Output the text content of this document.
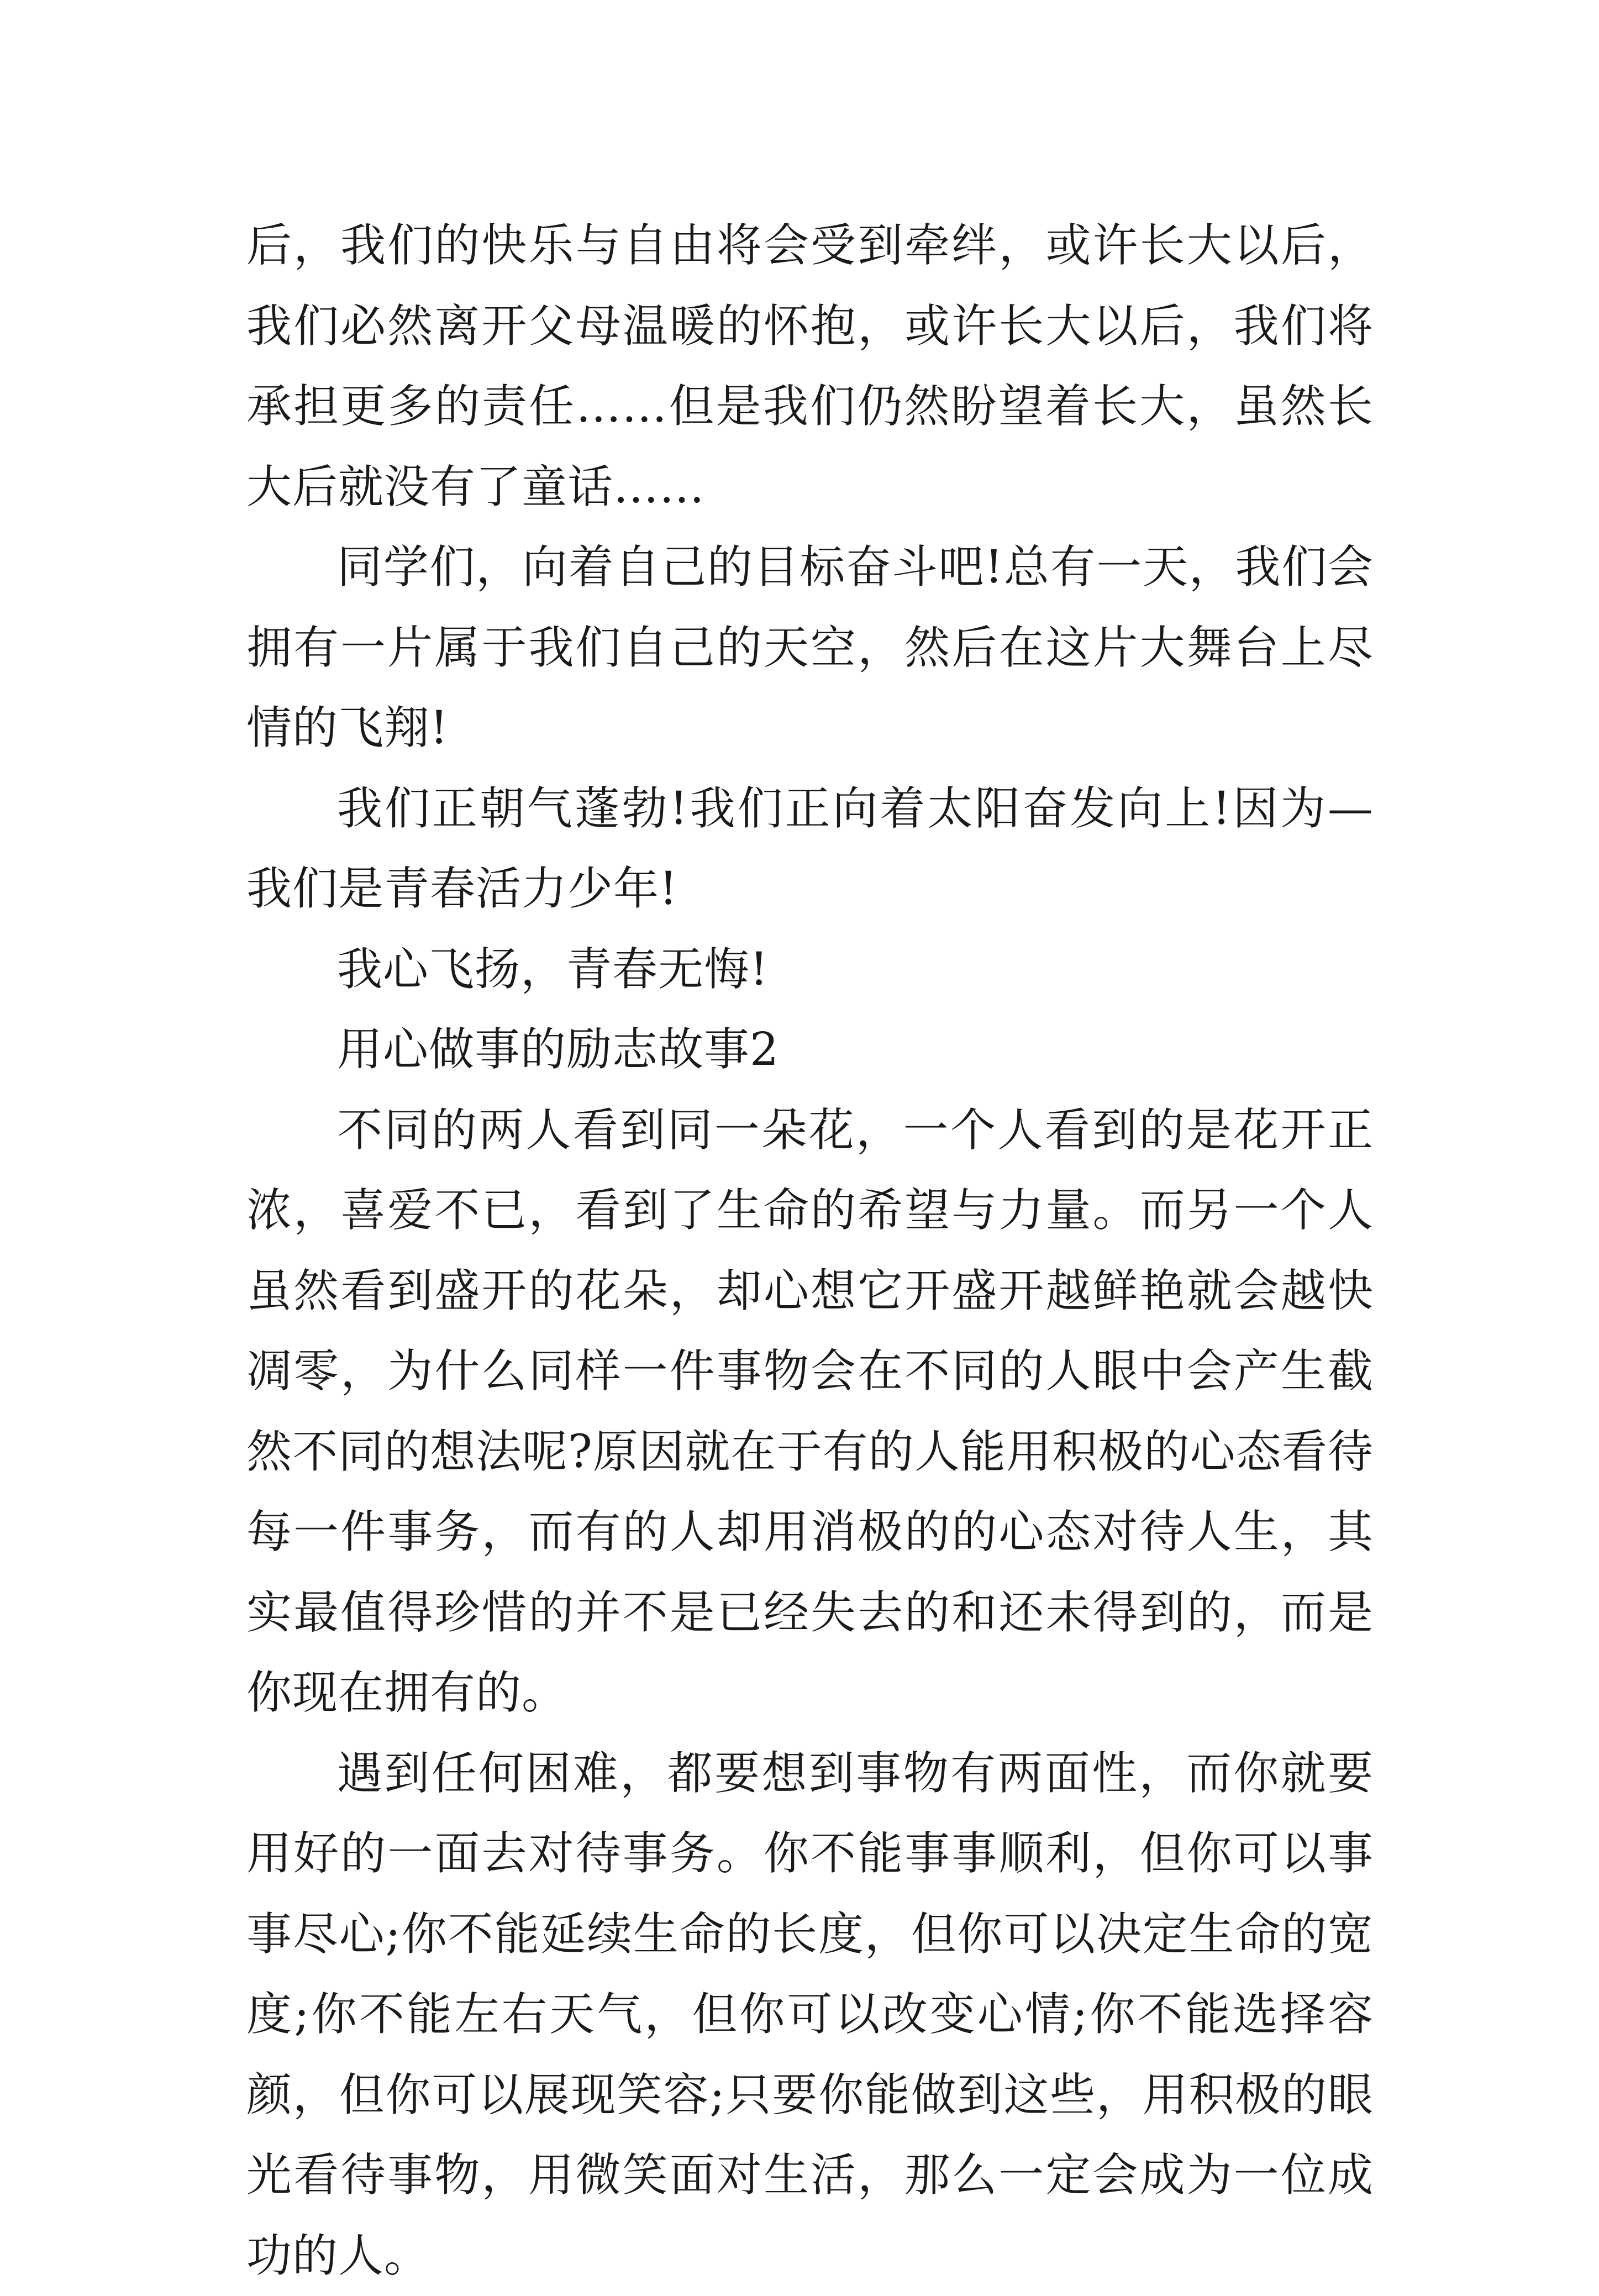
后，我们的快乐与自由将会受到牵绊，或许长大以后，我们必然离开父母温暖的怀抱，或许长大以后，我们将承担更多的责任……但是我们仍然盼望着长大，虽然长大后就没有了童话……

同学们，向着自己的目标奋斗吧!总有一天，我们会拥有一片属于我们自己的天空，然后在这片大舞台上尽情的飞翔!

我们正朝气蓬勃!我们正向着太阳奋发向上!因为—我们是青春活力少年!

我心飞扬，青春无悔!

用心做事的励志故事2

不同的两人看到同一朵花，一个人看到的是花开正浓，喜爱不已，看到了生命的希望与力量。而另一个人虽然看到盛开的花朵，却心想它开盛开越鲜艳就会越快凋零，为什么同样一件事物会在不同的人眼中会产生截然不同的想法呢?原因就在于有的人能用积极的心态看待每一件事务，而有的人却用消极的的心态对待人生，其实最值得珍惜的并不是已经失去的和还未得到的，而是你现在拥有的。

遇到任何困难，都要想到事物有两面性，而你就要用好的一面去对待事务。你不能事事顺利，但你可以事事尽心;你不能延续生命的长度，但你可以决定生命的宽度;你不能左右天气，但你可以改变心情;你不能选择容颜，但你可以展现笑容;只要你能做到这些，用积极的眼光看待事物，用微笑面对生活，那么一定会成为一位成功的人。
